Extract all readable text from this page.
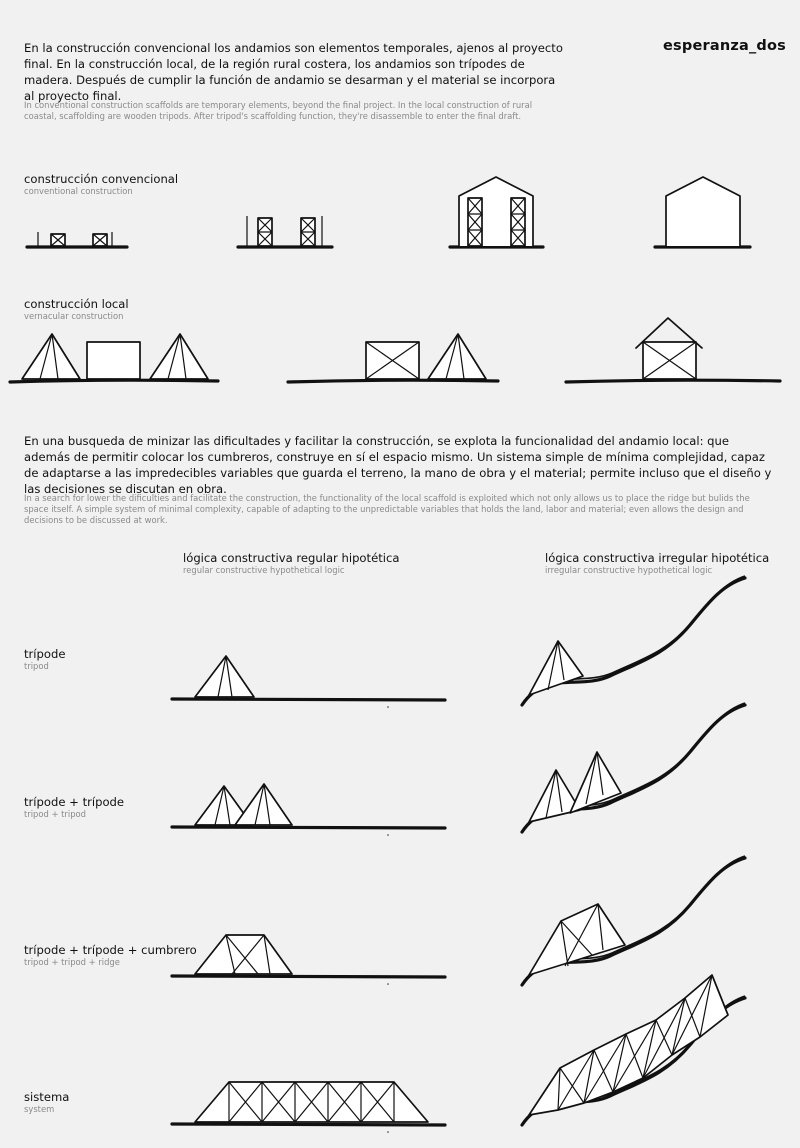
esperanza_dos
En la construcción convencional los andamios son elementos temporales, ajenos al proyecto final. En la construcción local, de la región rural costera, los andamios son trípodes de madera. Después de cumplir la función de andamio se desarman y el material se incorpora al proyecto final.
In conventional construction scaffolds are temporary elements, beyond the final project. In the local construction of rural coastal, scaffolding are wooden tripods. After tripod's scaffolding function, they're disassemble to enter the final draft.
construcción convencional
conventional construction
construcción local
vernacular construction
En una busqueda de minizar las dificultades y facilitar la construcción, se explota la funcionalidad del andamio local: que además de permitir colocar los cumbreros, construye en sí el espacio mismo. Un sistema simple de mínima complejidad, capaz de adaptarse a las impredecibles variables que guarda el terreno, la mano de obra y el material; permite incluso que el diseño y las decisiones se discutan en obra.
In a search for lower the dificulties and facilitate the construction, the functionality of the local scaffold is exploited which not only allows us to place the ridge but bulids the space itself. A simple system of minimal complexity, capable of adapting to the unpredictable variables that holds the land, labor and material; even allows the design and decisions to be discussed at work.
lógica constructiva regular hipotética
regular constructive hypothetical logic
lógica constructiva irregular hipotética
irregular constructive hypothetical logic
trípode
tripod
trípode + trípode
tripod + tripod
trípode + trípode + cumbrero
tripod + tripod + ridge
sistema
system
